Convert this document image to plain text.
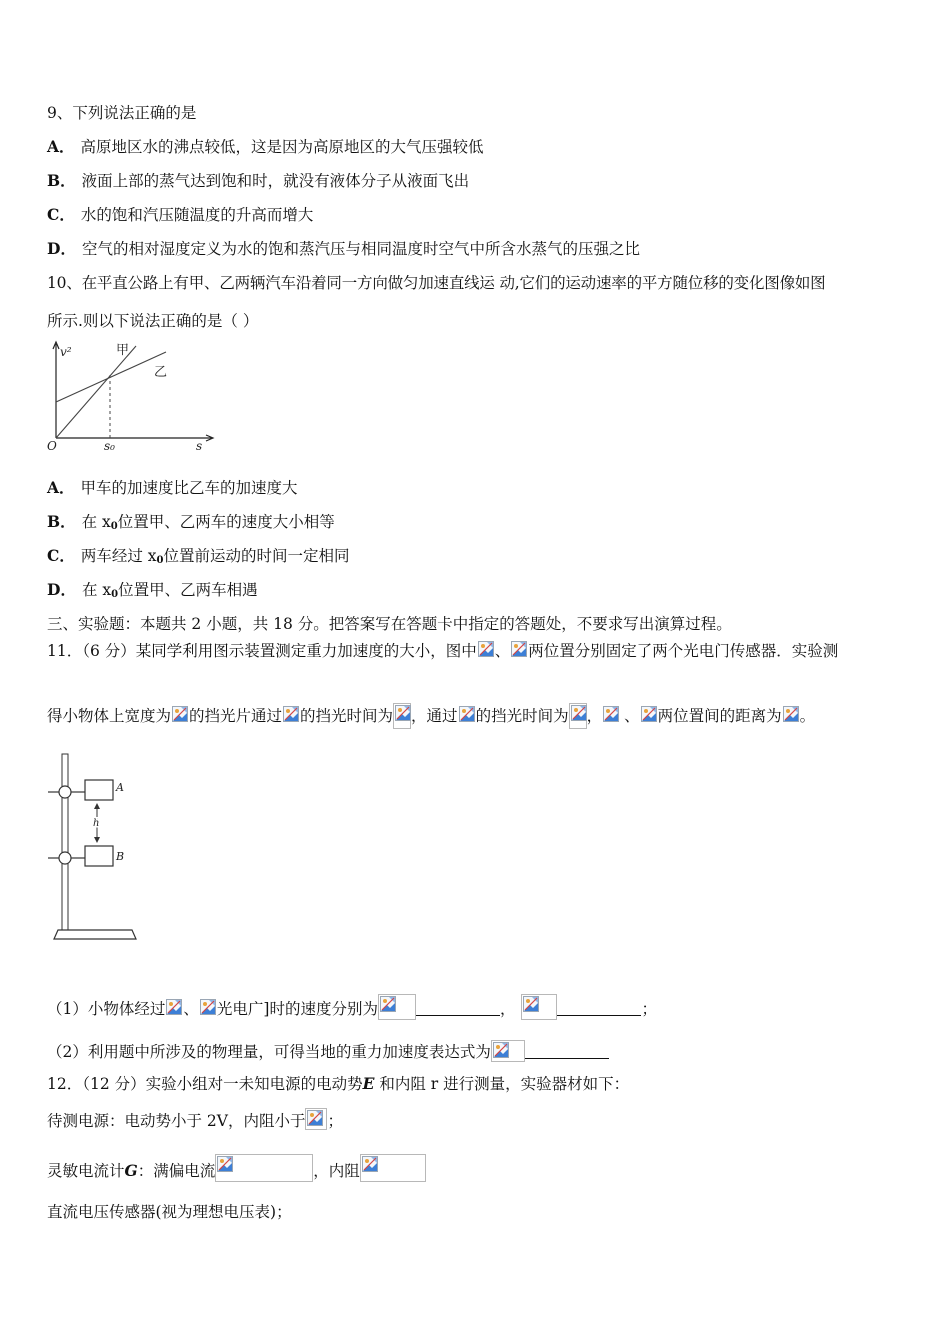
9、下列说法正确的是
A． 高原地区水的沸点较低，这是因为高原地区的大气压强较低
B． 液面上部的蒸气达到饱和时，就没有液体分子从液面飞出
C． 水的饱和汽压随温度的升高而增大
D． 空气的相对湿度定义为水的饱和蒸汽压与相同温度时空气中所含水蒸气的压强之比
10、在平直公路上有甲、乙两辆汽车沿着同一方向做匀加速直线运 动,它们的运动速率的平方随位移的变化图像如图
所示.则以下说法正确的是（ ）
v²	甲
乙
O	s₀	s
A． 甲车的加速度比乙车的加速度大
B． 在 $x_0$位置甲、乙两车的速度大小相等
C． 两车经过 $x_0$位置前运动的时间一定相同
D． 在 $x_0$位置甲、乙两车相遇
三、实验题：本题共 2 小题，共 18 分。把答案写在答题卡中指定的答题处，不要求写出演算过程。
11．（6 分）某同学利用图示装置测定重力加速度的大小，图中 、 两位置分别固定了两个光电门传感器．实验测
得小物体上宽度为 的挡光片通过 的挡光时间为 ，通过 的挡光时间为 ， 、 两位置间的距离为 。
A
B
h
（1）小物体经过 、 光电广]时的速度分别为	，	；
（2）利用题中所涉及的物理量，可得当地的重力加速度表达式为
12．（12 分）实验小组对一未知电源的电动势E 和内阻 r 进行测量，实验器材如下：
待测电源：电动势小于 2V，内阻小于 ；
灵敏电流计G：满偏电流	，内阻
直流电压传感器(视为理想电压表)；
